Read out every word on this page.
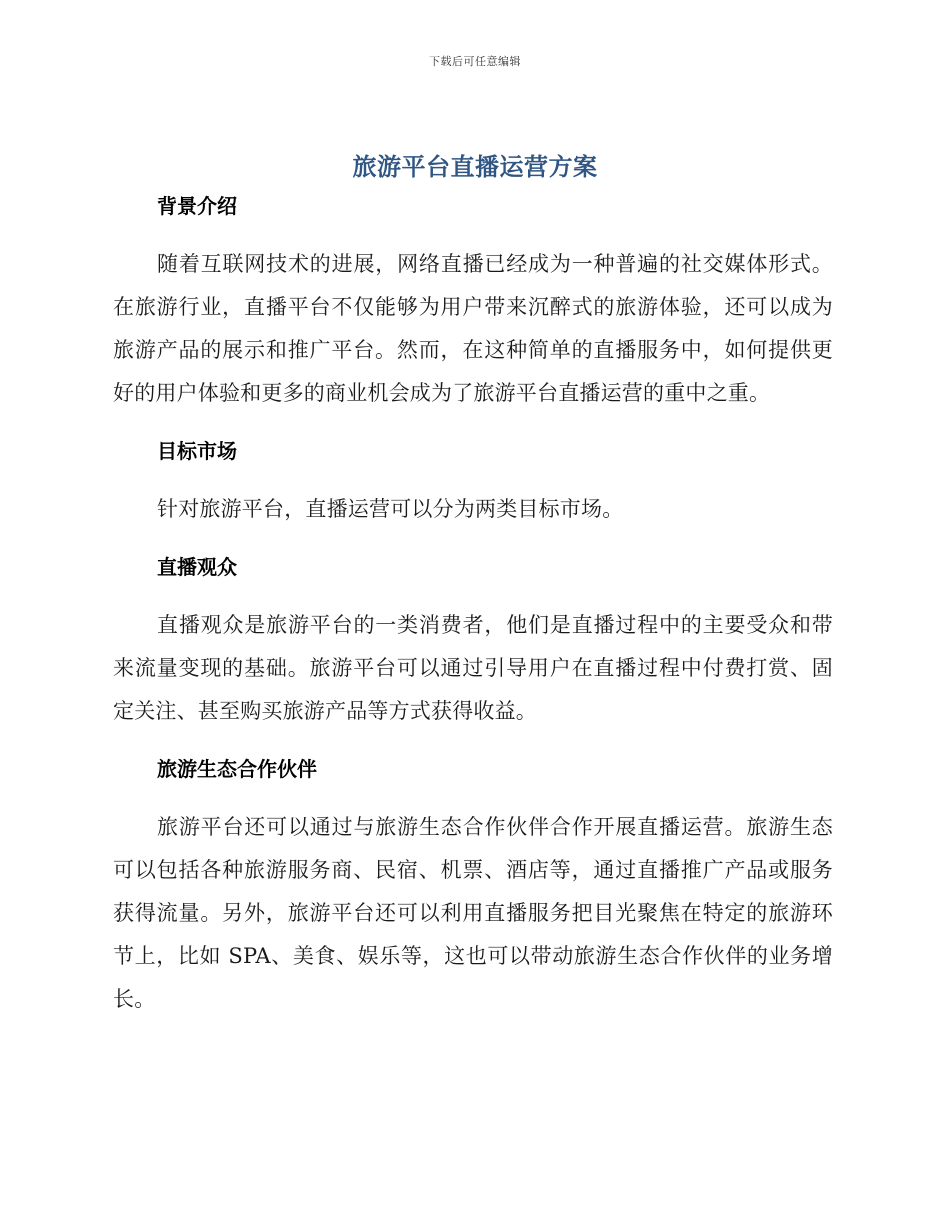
下载后可任意编辑
旅游平台直播运营方案
背景介绍

随着互联网技术的进展，网络直播已经成为一种普遍的社交媒体形式。在旅游行业，直播平台不仅能够为用户带来沉醉式的旅游体验，还可以成为旅游产品的展示和推广平台。然而，在这种简单的直播服务中，如何提供更好的用户体验和更多的商业机会成为了旅游平台直播运营的重中之重。

目标市场

针对旅游平台，直播运营可以分为两类目标市场。

直播观众

直播观众是旅游平台的一类消费者，他们是直播过程中的主要受众和带来流量变现的基础。旅游平台可以通过引导用户在直播过程中付费打赏、固定关注、甚至购买旅游产品等方式获得收益。

旅游生态合作伙伴

旅游平台还可以通过与旅游生态合作伙伴合作开展直播运营。旅游生态可以包括各种旅游服务商、民宿、机票、酒店等，通过直播推广产品或服务获得流量。另外，旅游平台还可以利用直播服务把目光聚焦在特定的旅游环节上，比如 SPA、美食、娱乐等，这也可以带动旅游生态合作伙伴的业务增长。
